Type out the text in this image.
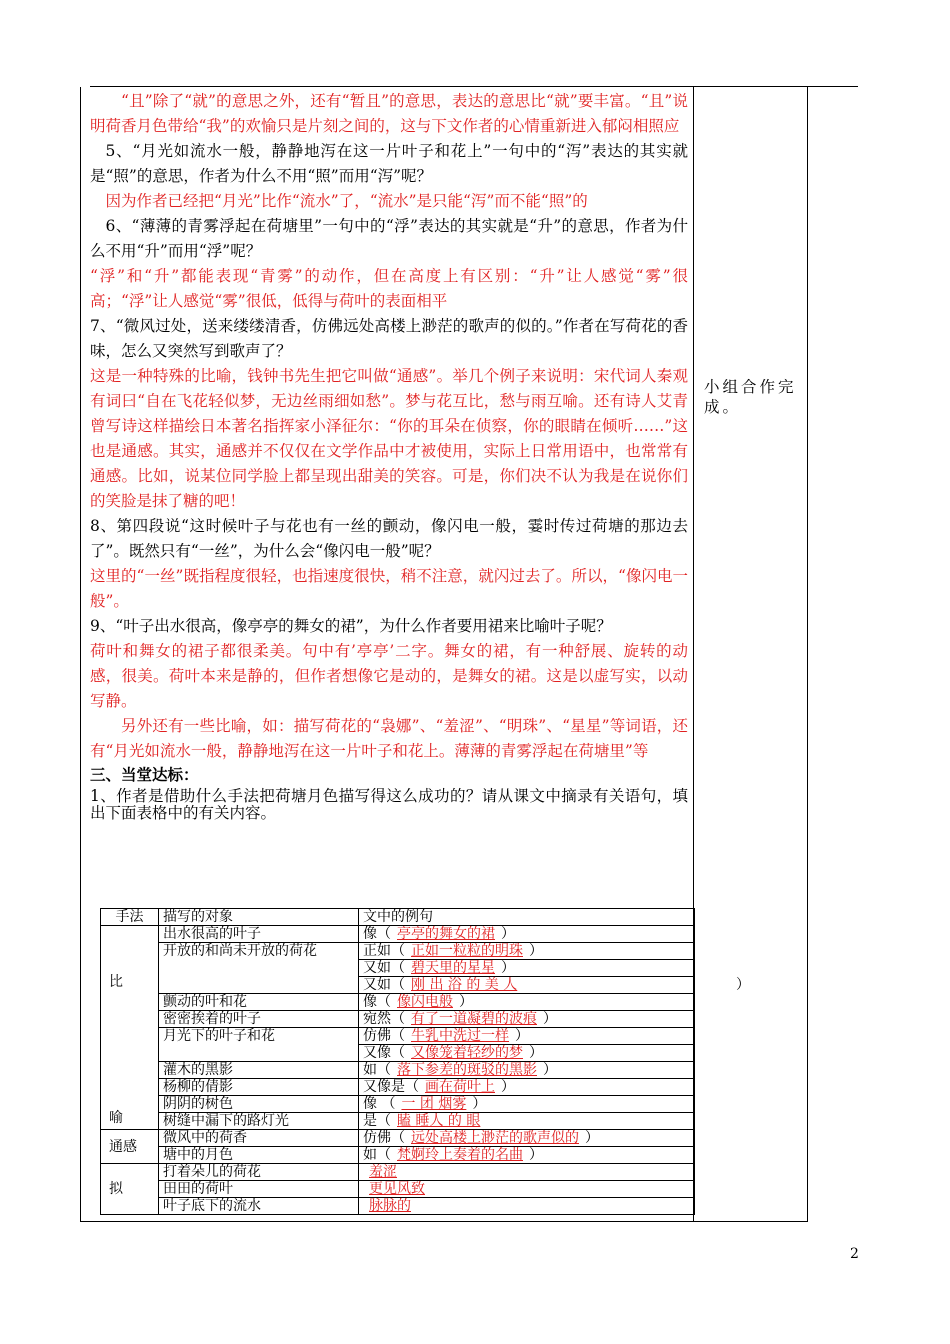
“且”除了“就”的意思之外，还有“暂且”的意思，表达的意思比“就”要丰富。“且”说明荷香月色带给“我”的欢愉只是片刻之间的，这与下文作者的心情重新进入郁闷相照应

5、“月光如流水一般，静静地泻在这一片叶子和花上”一句中的“泻”表达的其实就是“照”的意思，作者为什么不用“照”而用“泻”呢？

因为作者已经把“月光”比作“流水”了，“流水”是只能“泻”而不能“照”的

6、“薄薄的青雾浮起在荷塘里”一句中的“浮”表达的其实就是“升”的意思，作者为什么不用“升”而用“浮”呢？

“浮”和“升”都能表现“青雾”的动作，但在高度上有区别：“升”让人感觉“雾”很高；“浮”让人感觉“雾”很低，低得与荷叶的表面相平

7、“微风过处，送来缕缕清香，仿佛远处高楼上渺茫的歌声的似的。”作者在写荷花的香味，怎么又突然写到歌声了？

这是一种特殊的比喻，钱钟书先生把它叫做“通感”。举几个例子来说明：宋代词人秦观有词曰“自在飞花轻似梦，无边丝雨细如愁”。梦与花互比，愁与雨互喻。还有诗人艾青曾写诗这样描绘日本著名指挥家小泽征尔：“你的耳朵在侦察，你的眼睛在倾听……”这也是通感。其实，通感并不仅仅在文学作品中才被使用，实际上日常用语中，也常常有通感。比如，说某位同学脸上都呈现出甜美的笑容。可是，你们决不认为我是在说你们的笑脸是抹了糖的吧！

8、第四段说“这时候叶子与花也有一丝的颤动，像闪电一般，霎时传过荷塘的那边去了”。既然只有“一丝”，为什么会“像闪电一般”呢？

这里的“一丝”既指程度很轻，也指速度很快，稍不注意，就闪过去了。所以，“像闪电一般”。

9、“叶子出水很高，像亭亭的舞女的裙”，为什么作者要用裙来比喻叶子呢？

荷叶和舞女的裙子都很柔美。句中有’亭亭’二字。舞女的裙，有一种舒展、旋转的动感，很美。荷叶本来是静的，但作者想像它是动的，是舞女的裙。这是以虚写实，以动写静。

另外还有一些比喻，如：描写荷花的“袅娜”、“羞涩”、“明珠”、“星星”等词语，还有“月光如流水一般，静静地泻在这一片叶子和花上。薄薄的青雾浮起在荷塘里”等

三、当堂达标：

1、作者是借助什么手法把荷塘月色描写得这么成功的？请从课文中摘录有关语句，填出下面表格中的有关内容。

小组合作完成。
）
手法	描写的对象	文中的例句

比
喻	出水很高的叶子	像（ 亭亭的舞女的裙 ）
	开放的和尚未开放的荷花	正如（ 正如一粒粒的明珠 ）
		又如（ 碧天里的星星 ）
		又如（ 刚 出 浴 的 美 人
	颤动的叶和花	像（ 像闪电般 ）
	密密挨着的叶子	宛然（ 有了一道凝碧的波痕 ）
	月光下的叶子和花	仿佛（ 牛乳中洗过一样 ）
		又像（ 又像笼着轻纱的梦 ）
	灌木的黑影	如（ 落下参差的斑驳的黑影 ）
	杨柳的倩影	又像是（ 画在荷叶上 ）
	阴阴的树色	像 （ 一 团 烟雾 ）
	树缝中漏下的路灯光	是（ 瞌 睡人 的 眼
通感	微风中的荷香	仿佛（ 远处高楼上渺茫的歌声似的 ）
	塘中的月色	如（ 梵婀玲上奏着的名曲 ）
拟	打着朵儿的荷花	羞涩
	田田的荷叶	更见风致
	叶子底下的流水	脉脉的
2
